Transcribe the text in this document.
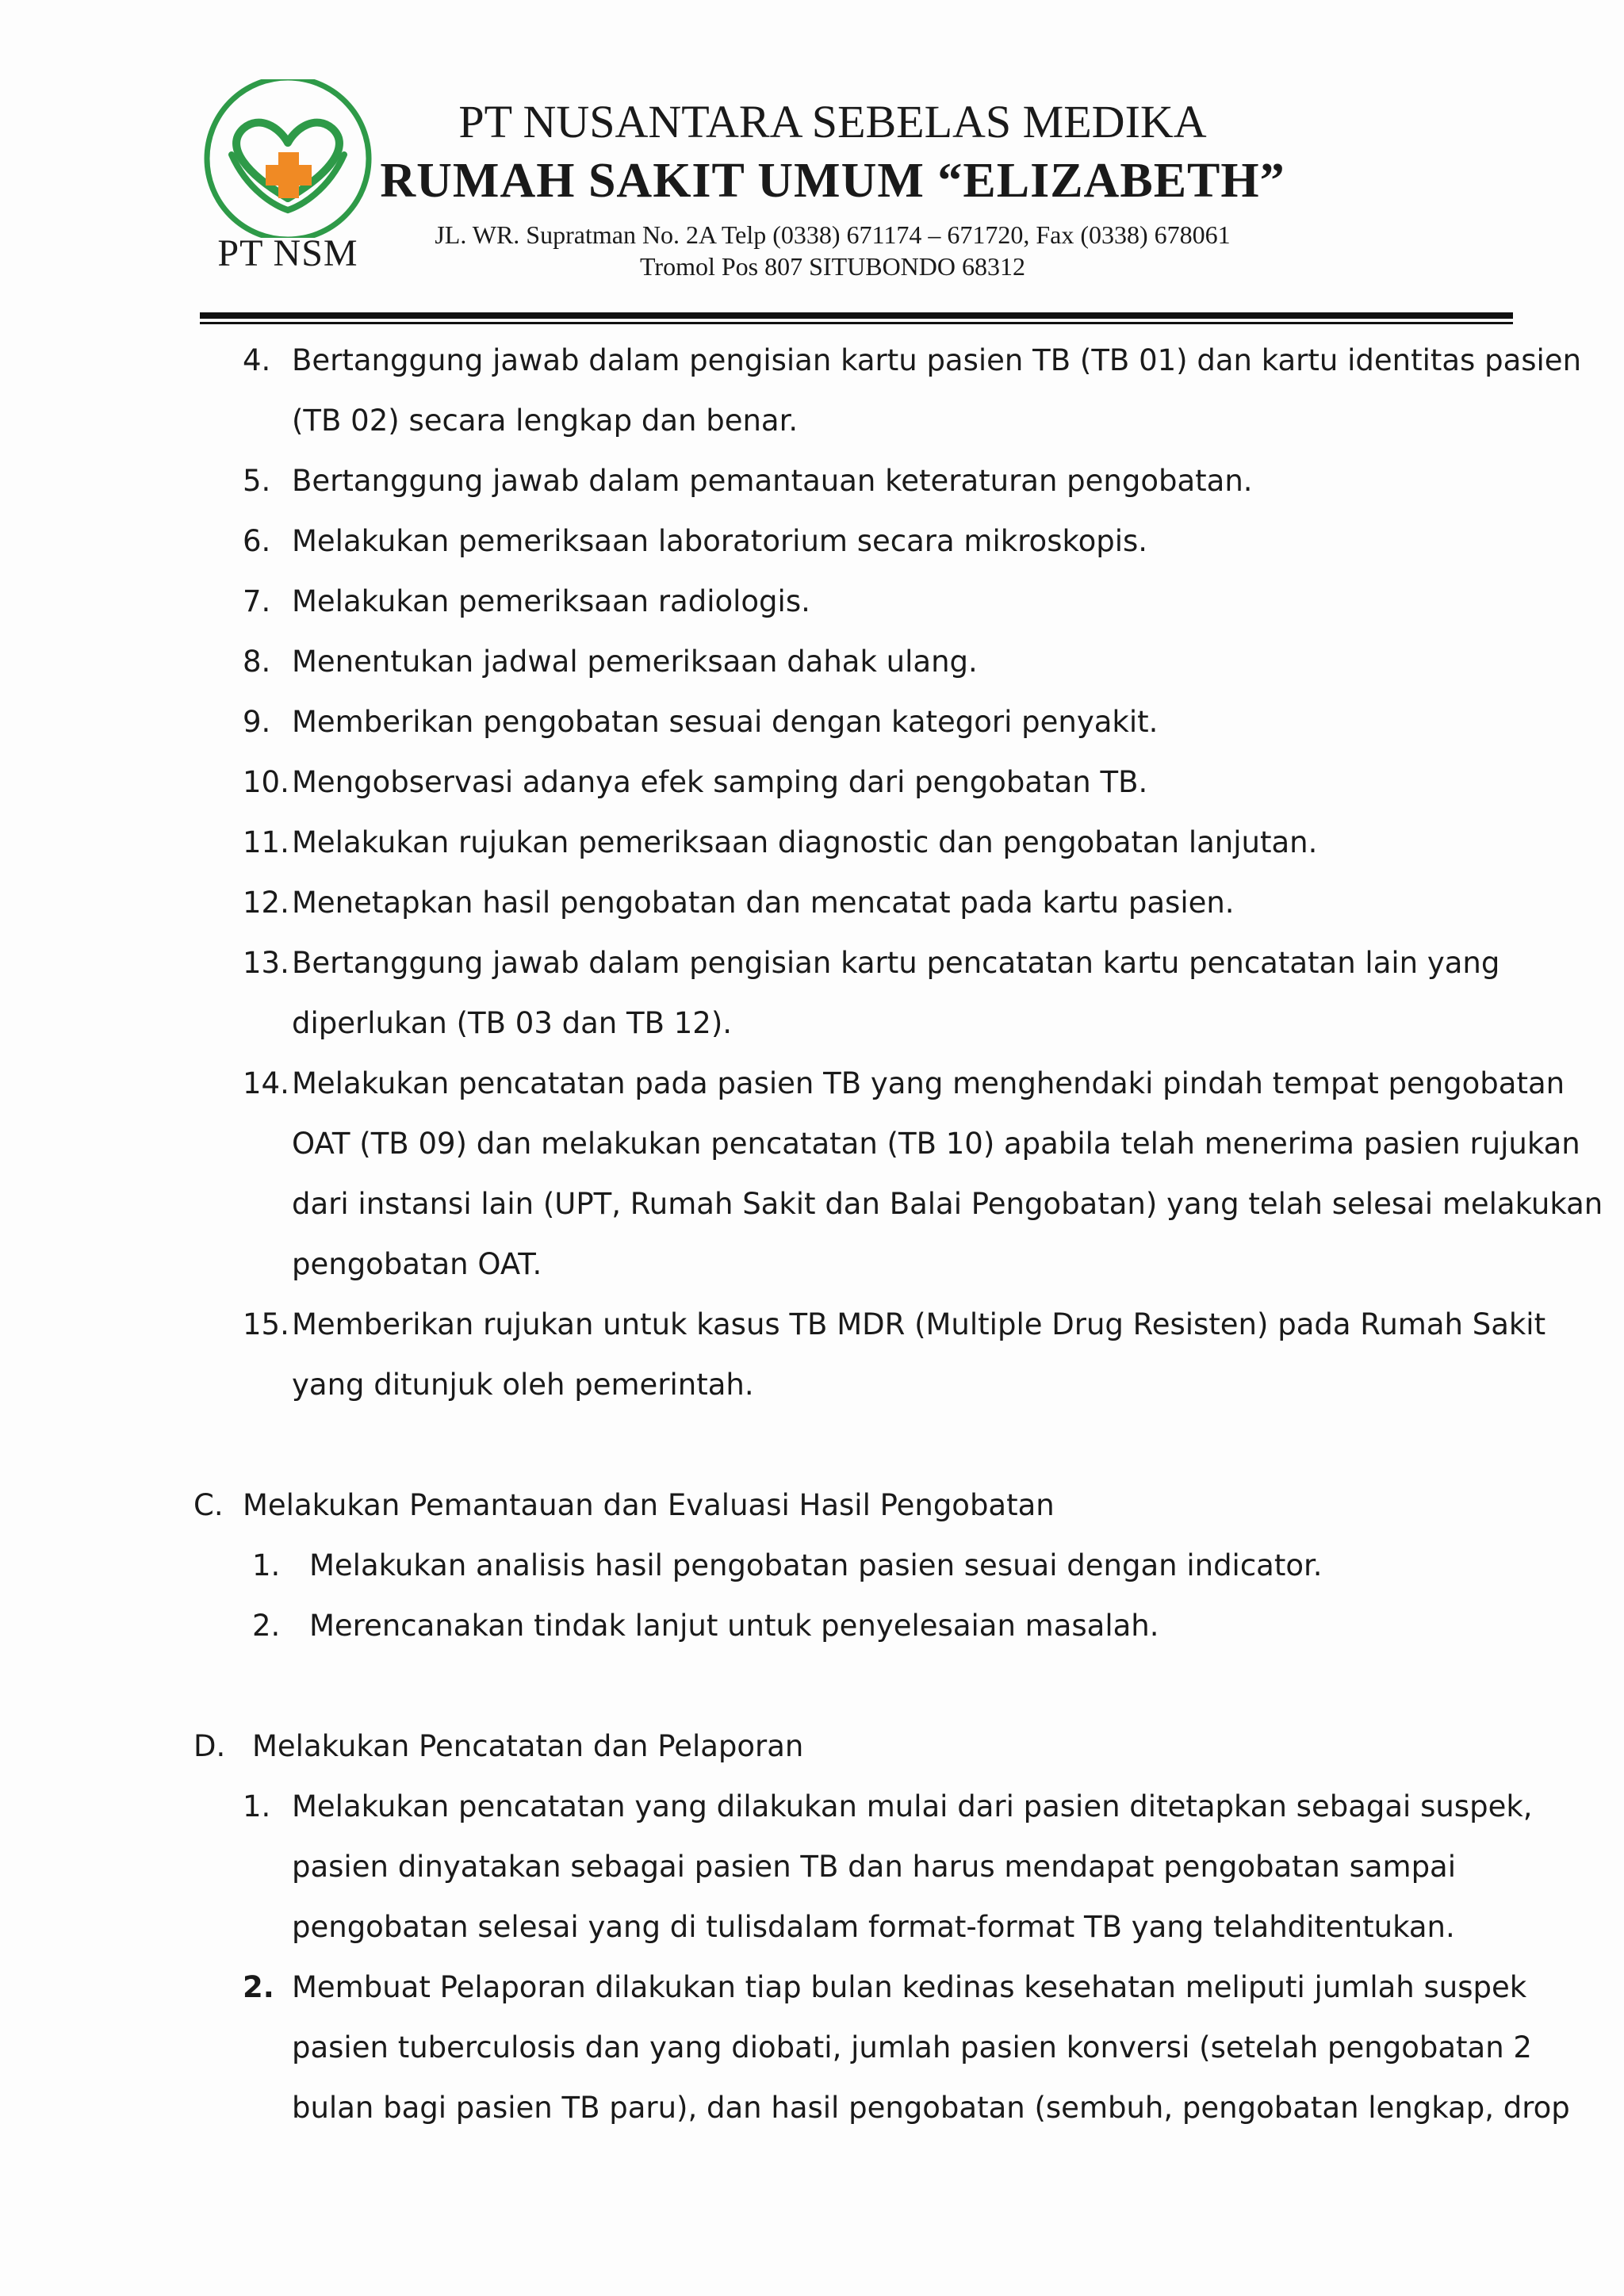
PT NSM
PT NUSANTARA SEBELAS MEDIKA
RUMAH SAKIT UMUM “ELIZABETH”
JL. WR. Supratman No. 2A Telp (0338) 671174 – 671720, Fax (0338) 678061
Tromol Pos 807 SITUBONDO 68312
4. Bertanggung jawab dalam pengisian kartu pasien TB (TB 01) dan kartu identitas pasien
(TB 02) secara lengkap dan benar.
5. Bertanggung jawab dalam pemantauan keteraturan pengobatan.
6. Melakukan pemeriksaan laboratorium secara mikroskopis.
7. Melakukan pemeriksaan radiologis.
8. Menentukan jadwal pemeriksaan dahak ulang.
9. Memberikan pengobatan sesuai dengan kategori penyakit.
10. Mengobservasi adanya efek samping dari pengobatan TB.
11. Melakukan rujukan pemeriksaan diagnostic dan pengobatan lanjutan.
12. Menetapkan hasil pengobatan dan mencatat pada kartu pasien.
13. Bertanggung jawab dalam pengisian kartu pencatatan kartu pencatatan lain yang
diperlukan (TB 03 dan TB 12).
14. Melakukan pencatatan pada pasien TB yang menghendaki pindah tempat pengobatan
OAT (TB 09) dan melakukan pencatatan (TB 10) apabila telah menerima pasien rujukan
dari instansi lain (UPT, Rumah Sakit dan Balai Pengobatan) yang telah selesai melakukan
pengobatan OAT.
15. Memberikan rujukan untuk kasus TB MDR (Multiple Drug Resisten) pada Rumah Sakit
yang ditunjuk oleh pemerintah.
C. Melakukan Pemantauan dan Evaluasi Hasil Pengobatan
1. Melakukan analisis hasil pengobatan pasien sesuai dengan indicator.
2. Merencanakan tindak lanjut untuk penyelesaian masalah.
D. Melakukan Pencatatan dan Pelaporan
1. Melakukan pencatatan yang dilakukan mulai dari pasien ditetapkan sebagai suspek,
pasien dinyatakan sebagai pasien TB dan harus mendapat pengobatan sampai
pengobatan selesai yang di tulisdalam format-format TB yang telahditentukan.
2. Membuat Pelaporan dilakukan tiap bulan kedinas kesehatan meliputi jumlah suspek
pasien tuberculosis dan yang diobati, jumlah pasien konversi (setelah pengobatan 2
bulan bagi pasien TB paru), dan hasil pengobatan (sembuh, pengobatan lengkap, drop
